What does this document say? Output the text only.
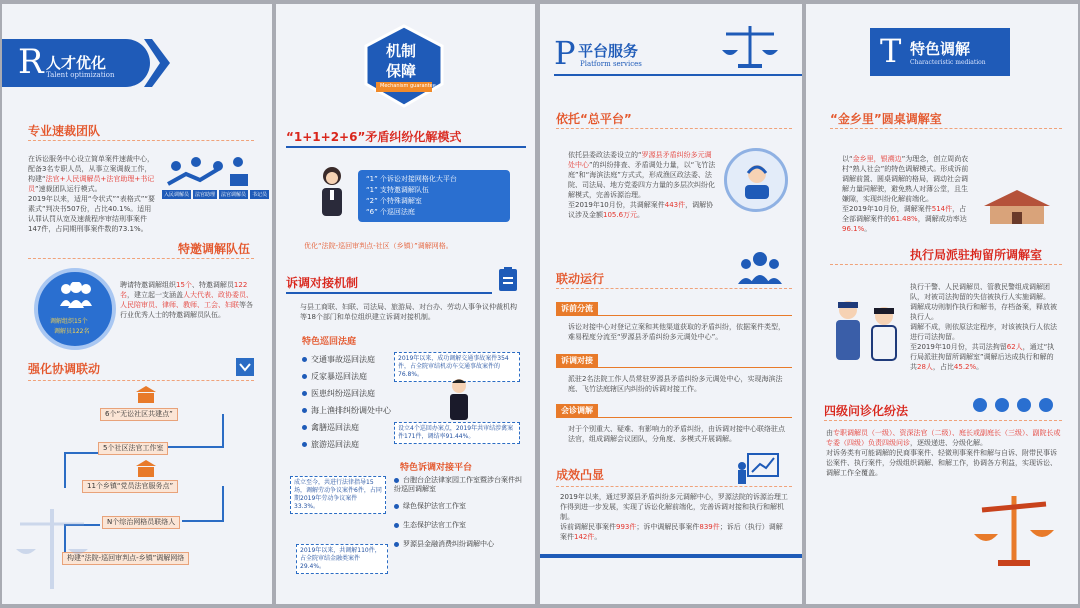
R 人才优化
Talent optimization
专业速裁团队
在诉讼服务中心设立简单案件速裁中心，配备3名专职人员，从事立案调裁工作，构建“法官+人民调解员+法官助理+书记员”速裁团队运行模式。
2019年以来，适用“令状式”“表格式”“要素式”判决书507份，占比40.1%。适用认罪认罚从宽及速裁程序审结刑事案件147件，占同期刑事案件数的73.1%。
入民调解员	法官助理	法官调解员	书记员
特邀调解队伍
调解组织15个
调解员122名
聘请特邀调解组织15个、特邀调解员122名，建立起一支涵盖人大代表、政协委员、人民陪审员、律师、教师、工会、妇联等各行业优秀人士的特邀调解员队伍。
强化协调联动
6个“无讼社区共建点”
5个社区法官工作室
11个乡镇“党员法官服务点”
N个综治网格员联络人
构建“法院-巡回审判点-乡镇”调解网络
机制
保障
Mechanism guarantee
“1+1+2+6”矛盾纠纷化解模式
“1” 个诉讼对接网格化大平台
“1” 支特邀调解队伍
“2” 个特殊调解室
“6” 个巡回法庭
优化“法院-巡回审判点-社区（乡镇）”调解网格。
诉调对接机制
与县工商联、妇联、司法局、旅游局、对台办、劳动人事争议仲裁机构等18个部门和单位组织建立诉调对接机制。
特色巡回法庭
交通事故巡回法庭
反家暴巡回法庭
医患纠纷巡回法庭
海上渔排纠纷调处中心
禽膳巡回法庭
旅游巡回法庭
2019年以来，成功调解交通事故案件354件，占全院审结机动车交通事故案件的76.8%。
设立4个巡回办案点，2019年共审结涉禽案件171件，调结率91.44%。
特色诉调对接平台
成立至今，共进行法律指导15场，调解劳动争议案件6件，占同期2019年劳动争议案件33.3%。
台胞台企法律家园工作室暨涉台案件纠纷巡回调解室
绿色保护法官工作室
生态保护法官工作室
罗源县金融消费纠纷调解中心
2019年以来，共调解110件，占全院审结金融类案件29.4%。
P 平台服务
Platform services
依托“总平台”
依托县委政法委设立的“罗源县矛盾纠纷多元调处中心”的纠纷排查、矛盾调处力量，以“飞竹法庭”和“海滨法庭”方式式，形成渔区政法委、法院、司法局、地方党委四方力量的多层次纠纷化解模式，完善诉源治理。
至2019年10月份，共调解案件443件，调解协议涉及金额105.6万元。
联动运行
诉前分流
诉讼对接中心对登记立案和其他渠道获取的矛盾纠纷，依据案件类型，难易程度分流至“罗源县矛盾纠纷多元调处中心”。
诉调对接
派驻2名法院工作人员常驻罗源县矛盾纠纷多元调处中心，实现海滨法庭、飞竹法庭辖区内纠纷的诉调对接工作。
会诊调解
对于个别重大、疑难、有影响力的矛盾纠纷，由诉调对接中心联络驻点法官，组成调解会议团队，分角度、多模式开展调解。
成效凸显
2019年以来，通过罗源县矛盾纠纷多元调解中心，罗源法院的诉源治理工作得到进一步发展，实现了诉讼化解前端化，完善诉调对接和执行和解机制。
诉前调解民事案件993件；诉中调解民事案件839件；诉后（执行）调解案件142件。
T 特色调解
Characteristic mediation
“金乡里”圆桌调解室
以“金乡里，银溯边”为理念，创立周尚农村“熟人社会”的特色调解模式。形成诉前调解前置、圆桌调解的格局，调动社会调解力量同解驶，避免熟人对薄公堂，且生嫌隙，实现纠纷化解前端化。
至2019年10月份，调解案件514件，占全部调解案件的61.48%，调解成功率达96.1%。
执行局派驻拘留所调解室
执行干警、人民调解员、管教民警组成调解团队，对被司法拘留的失信被执行人实施调解。
调解成功则制作执行和解书，存档备案，释放被执行人。
调解不成，则依原法定程序，对该被执行人依法进行司法拘留。
至2019年10月份，共司法拘留62人，通过“执行局派驻拘留所调解室”调解后达成执行和解的共28人，占比45.2%。
四级问诊化纷法
由专职调解员（一级）、资深法官（二级）、庭长或副庭长（三级）、副院长或专委（四级）负责四级问诊，逐级递进、分级化解。
对诉务类有可能调解的民商事案件、轻微刑事案件和解与自诉、附带民事诉讼案件、执行案件，分级组织调解、和解工作，协调各方利益，实现诉讼、调解工作全覆盖。
